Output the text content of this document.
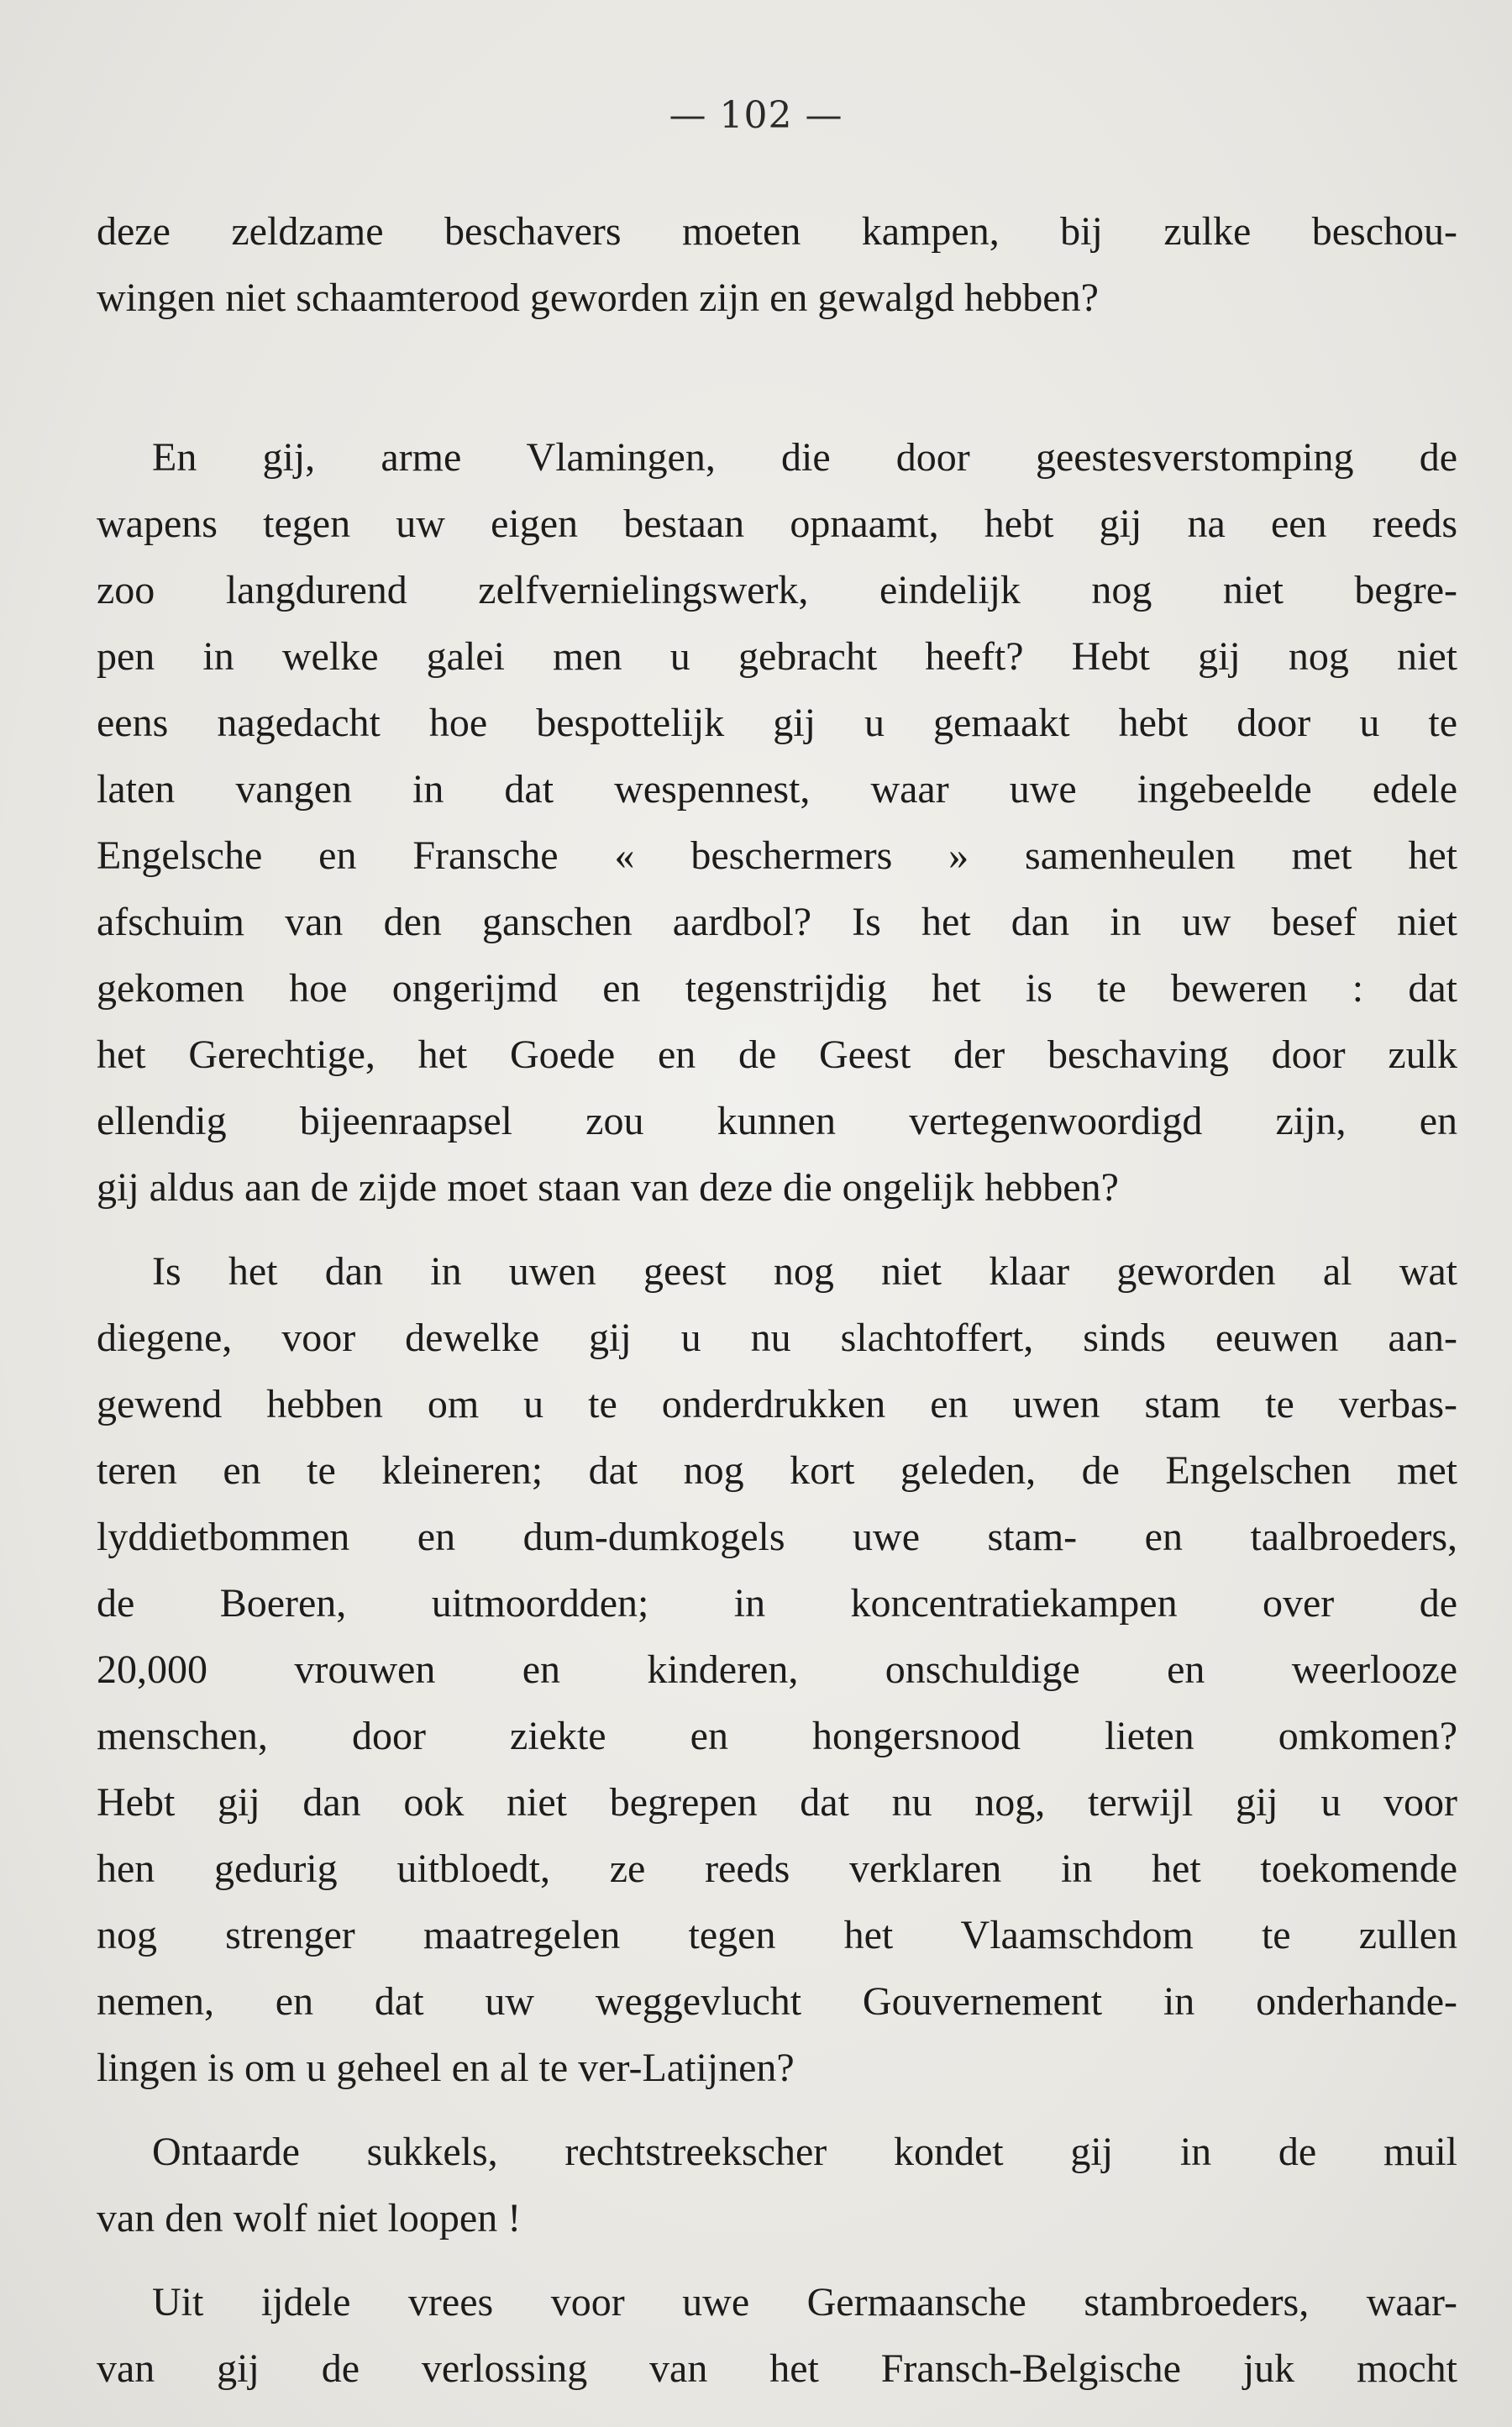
— 102 —
deze zeldzame beschavers moeten kampen, bij zulke beschou-
wingen niet schaamterood geworden zijn en gewalgd hebben?
En gij, arme Vlamingen, die door geestesverstomping de
wapens tegen uw eigen bestaan opnaamt, hebt gij na een reeds
zoo langdurend zelfvernielingswerk, eindelijk nog niet begre-
pen in welke galei men u gebracht heeft? Hebt gij nog niet
eens nagedacht hoe bespottelijk gij u gemaakt hebt door u te
laten vangen in dat wespennest, waar uwe ingebeelde edele
Engelsche en Fransche « beschermers » samenheulen met het
afschuim van den ganschen aardbol? Is het dan in uw besef niet
gekomen hoe ongerijmd en tegenstrijdig het is te beweren : dat
het Gerechtige, het Goede en de Geest der beschaving door zulk
ellendig bijeenraapsel zou kunnen vertegenwoordigd zijn, en
gij aldus aan de zijde moet staan van deze die ongelijk hebben?
Is het dan in uwen geest nog niet klaar geworden al wat
diegene, voor dewelke gij u nu slachtoffert, sinds eeuwen aan-
gewend hebben om u te onderdrukken en uwen stam te verbas-
teren en te kleineren; dat nog kort geleden, de Engelschen met
lyddietbommen en dum-dumkogels uwe stam- en taalbroeders,
de Boeren, uitmoordden; in koncentratiekampen over de
20,000 vrouwen en kinderen, onschuldige en weerlooze
menschen, door ziekte en hongersnood lieten omkomen?
Hebt gij dan ook niet begrepen dat nu nog, terwijl gij u voor
hen gedurig uitbloedt, ze reeds verklaren in het toekomende
nog strenger maatregelen tegen het Vlaamschdom te zullen
nemen, en dat uw weggevlucht Gouvernement in onderhande-
lingen is om u geheel en al te ver-Latijnen?
Ontaarde sukkels, rechtstreekscher kondet gij in de muil
van den wolf niet loopen !
Uit ijdele vrees voor uwe Germaansche stambroeders, waar-
van gij de verlossing van het Fransch-Belgische juk mocht
